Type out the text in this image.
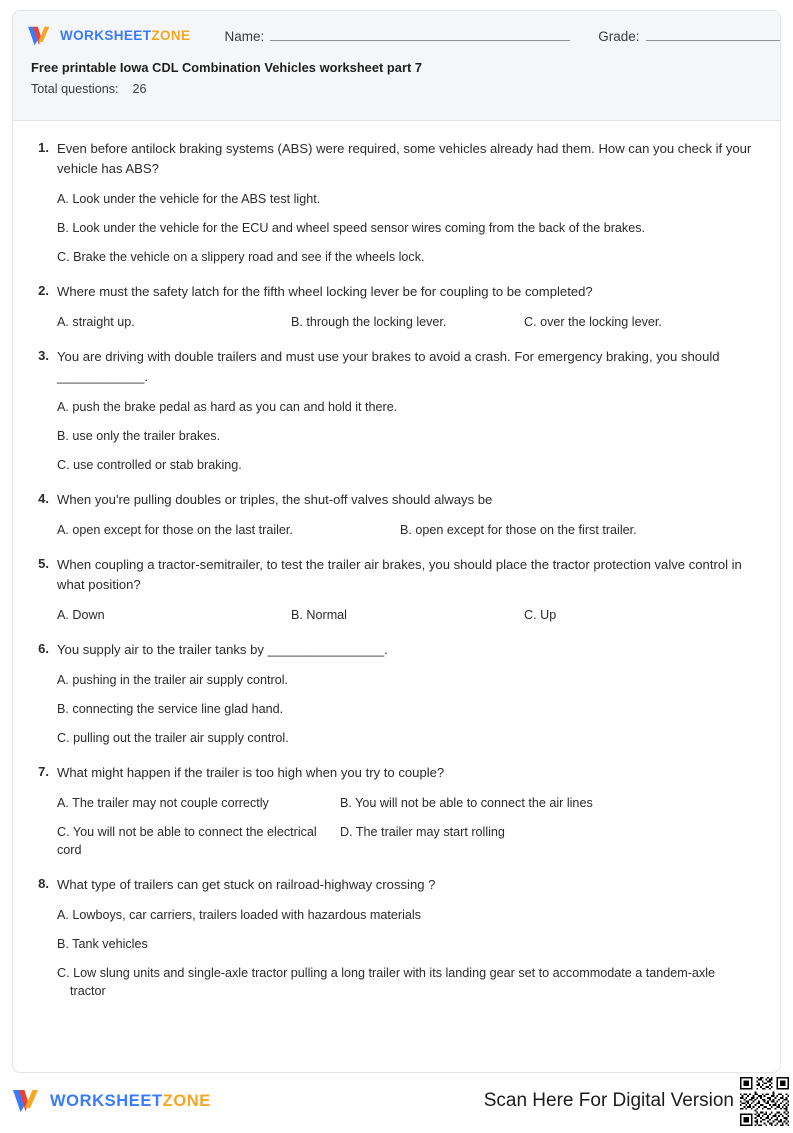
WORKSHEETZONE	Name:	Grade:
Free printable Iowa CDL Combination Vehicles worksheet part 7
Total questions: 26
1. Even before antilock braking systems (ABS) were required, some vehicles already had them. How can you check if your vehicle has ABS?
A. Look under the vehicle for the ABS test light.
B. Look under the vehicle for the ECU and wheel speed sensor wires coming from the back of the brakes.
C. Brake the vehicle on a slippery road and see if the wheels lock.
2. Where must the safety latch for the fifth wheel locking lever be for coupling to be completed?
A. straight up.	B. through the locking lever.	C. over the locking lever.
3. You are driving with double trailers and must use your brakes to avoid a crash. For emergency braking, you should ____________.
A. push the brake pedal as hard as you can and hold it there.
B. use only the trailer brakes.
C. use controlled or stab braking.
4. When you're pulling doubles or triples, the shut-off valves should always be
A. open except for those on the last trailer.	B. open except for those on the first trailer.
5. When coupling a tractor-semitrailer, to test the trailer air brakes, you should place the tractor protection valve control in what position?
A. Down	B. Normal	C. Up
6. You supply air to the trailer tanks by ________________.
A. pushing in the trailer air supply control.
B. connecting the service line glad hand.
C. pulling out the trailer air supply control.
7. What might happen if the trailer is too high when you try to couple?
A. The trailer may not couple correctly	B. You will not be able to connect the air lines
C. You will not be able to connect the electrical cord
D. The trailer may start rolling
8. What type of trailers can get stuck on railroad-highway crossing ?
A. Lowboys, car carriers, trailers loaded with hazardous materials
B. Tank vehicles
C. Low slung units and single-axle tractor pulling a long trailer with its landing gear set to accommodate a tandem-axle tractor
WORKSHEETZONE	Scan Here For Digital Version
